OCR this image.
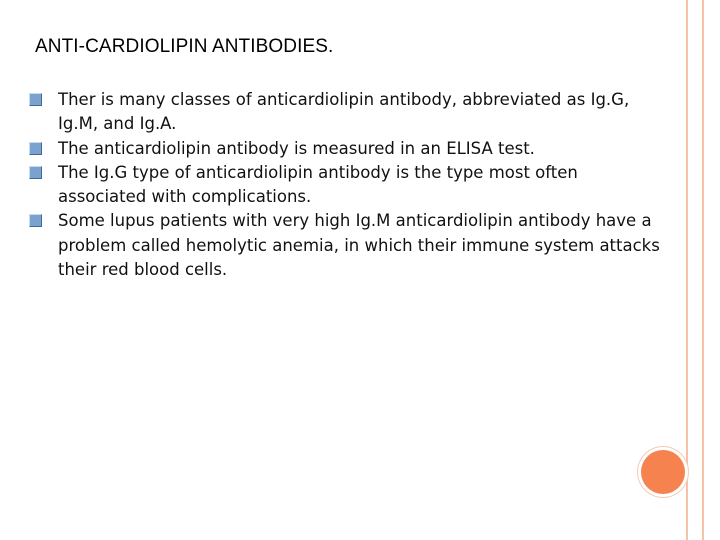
ANTI-CARDIOLIPIN ANTIBODIES.
Ther is many classes of anticardiolipin antibody, abbreviated as Ig.G, Ig.M, and Ig.A.
The anticardiolipin antibody is measured in an ELISA test.
The Ig.G type of anticardiolipin antibody is the type most often associated with complications.
Some lupus patients with very high Ig.M anticardiolipin antibody have a problem called hemolytic anemia, in which their immune system attacks their red blood cells.
